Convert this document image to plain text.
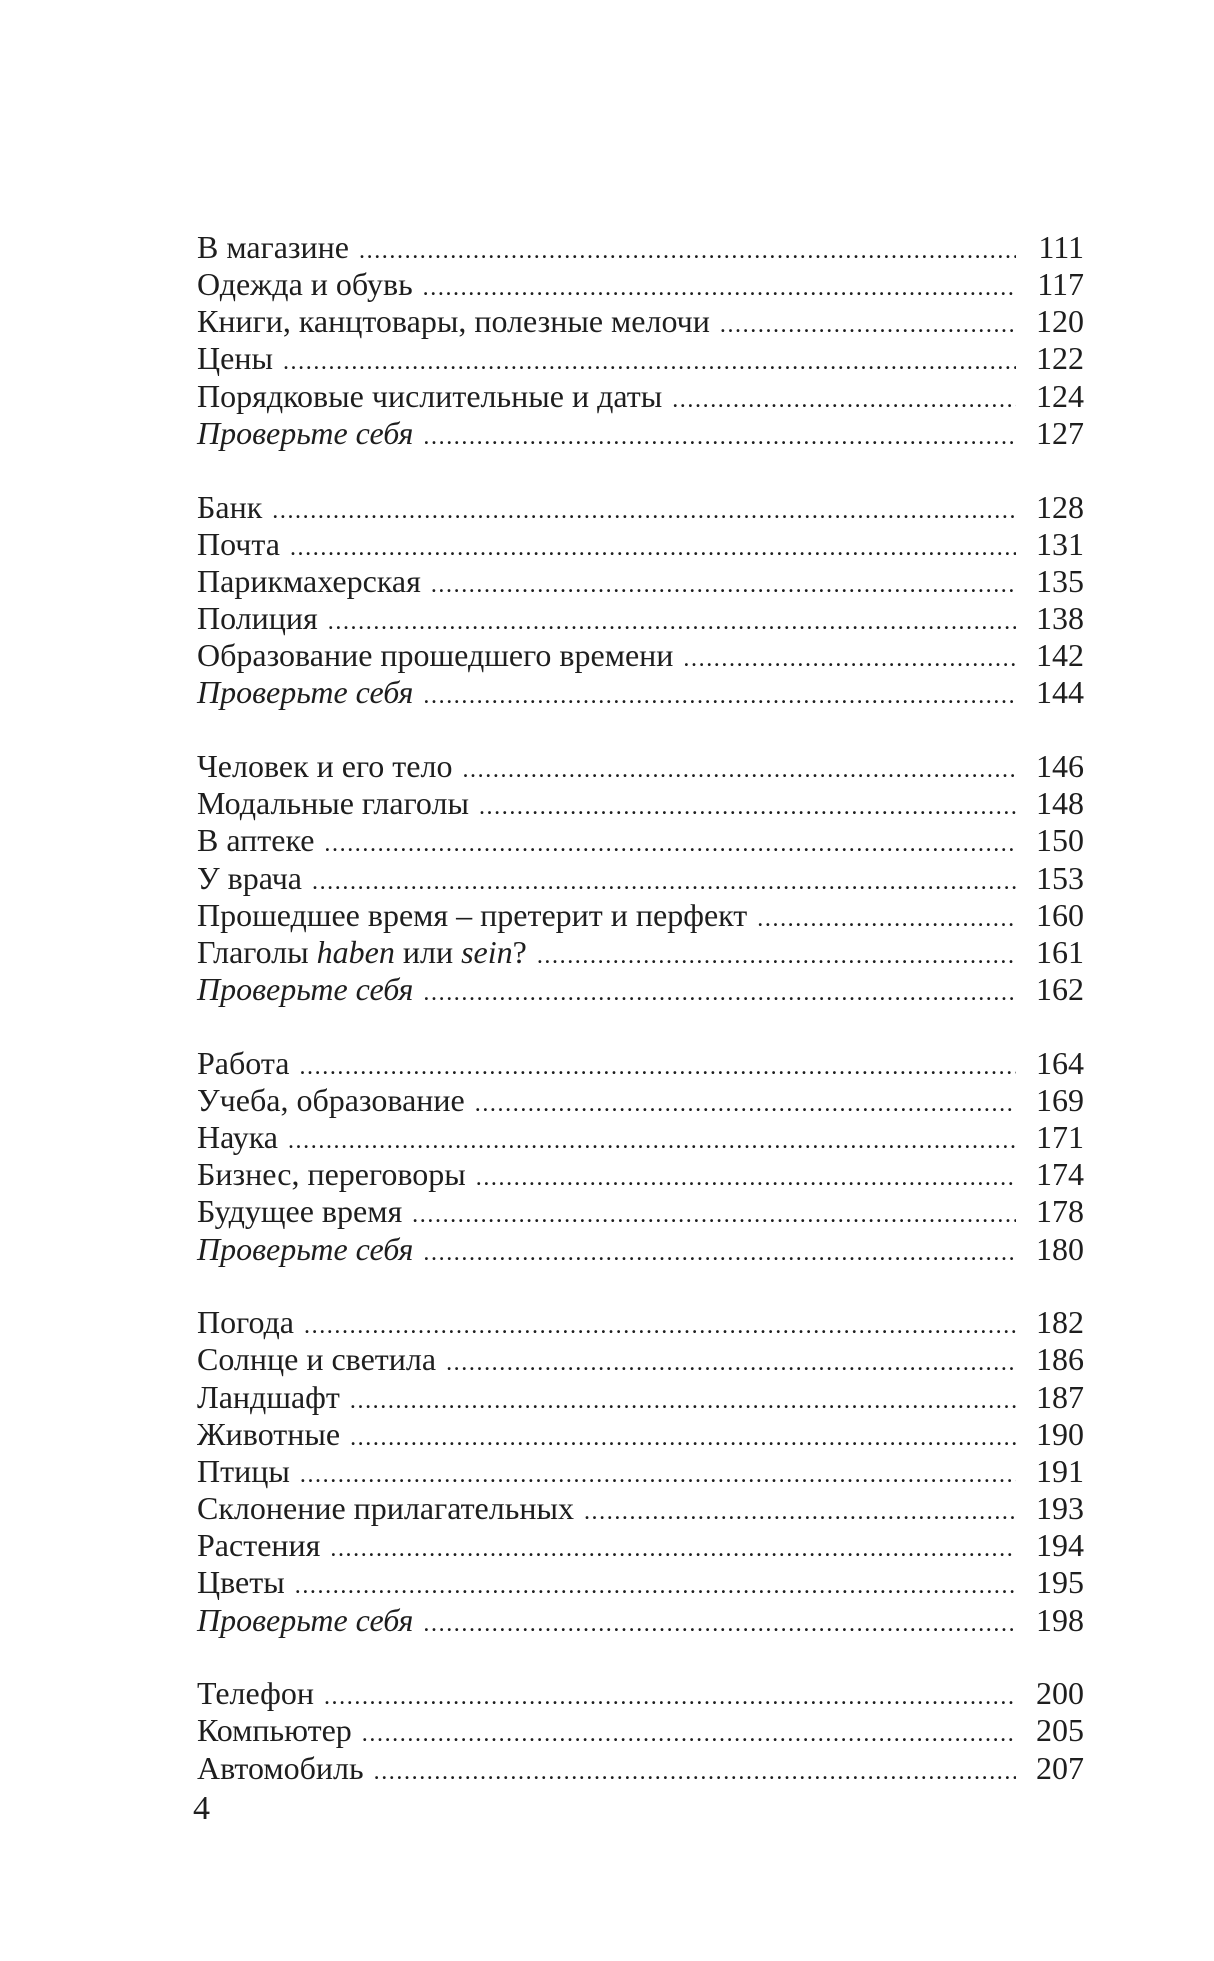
В магазине .....	111
Одежда и обувь .....	117
Книги, канцтовары, полезные мелочи .....	120
Цены .....	122
Порядковые числительные и даты .....	124
Проверьте себя .....	127
Банк .....	128
Почта .....	131
Парикмахерская .....	135
Полиция .....	138
Образование прошедшего времени .....	142
Проверьте себя .....	144
Человек и его тело .....	146
Модальные глаголы .....	148
В аптеке .....	150
У врача .....	153
Прошедшее время – претерит и перфект .....	160
Глаголы haben или sein? .....	161
Проверьте себя .....	162
Работа .....	164
Учеба, образование .....	169
Наука .....	171
Бизнес, переговоры .....	174
Будущее время .....	178
Проверьте себя .....	180
Погода .....	182
Солнце и светила .....	186
Ландшафт .....	187
Животные .....	190
Птицы .....	191
Склонение прилагательных .....	193
Растения .....	194
Цветы .....	195
Проверьте себя .....	198
Телефон .....	200
Компьютер .....	205
Автомобиль .....	207
4
